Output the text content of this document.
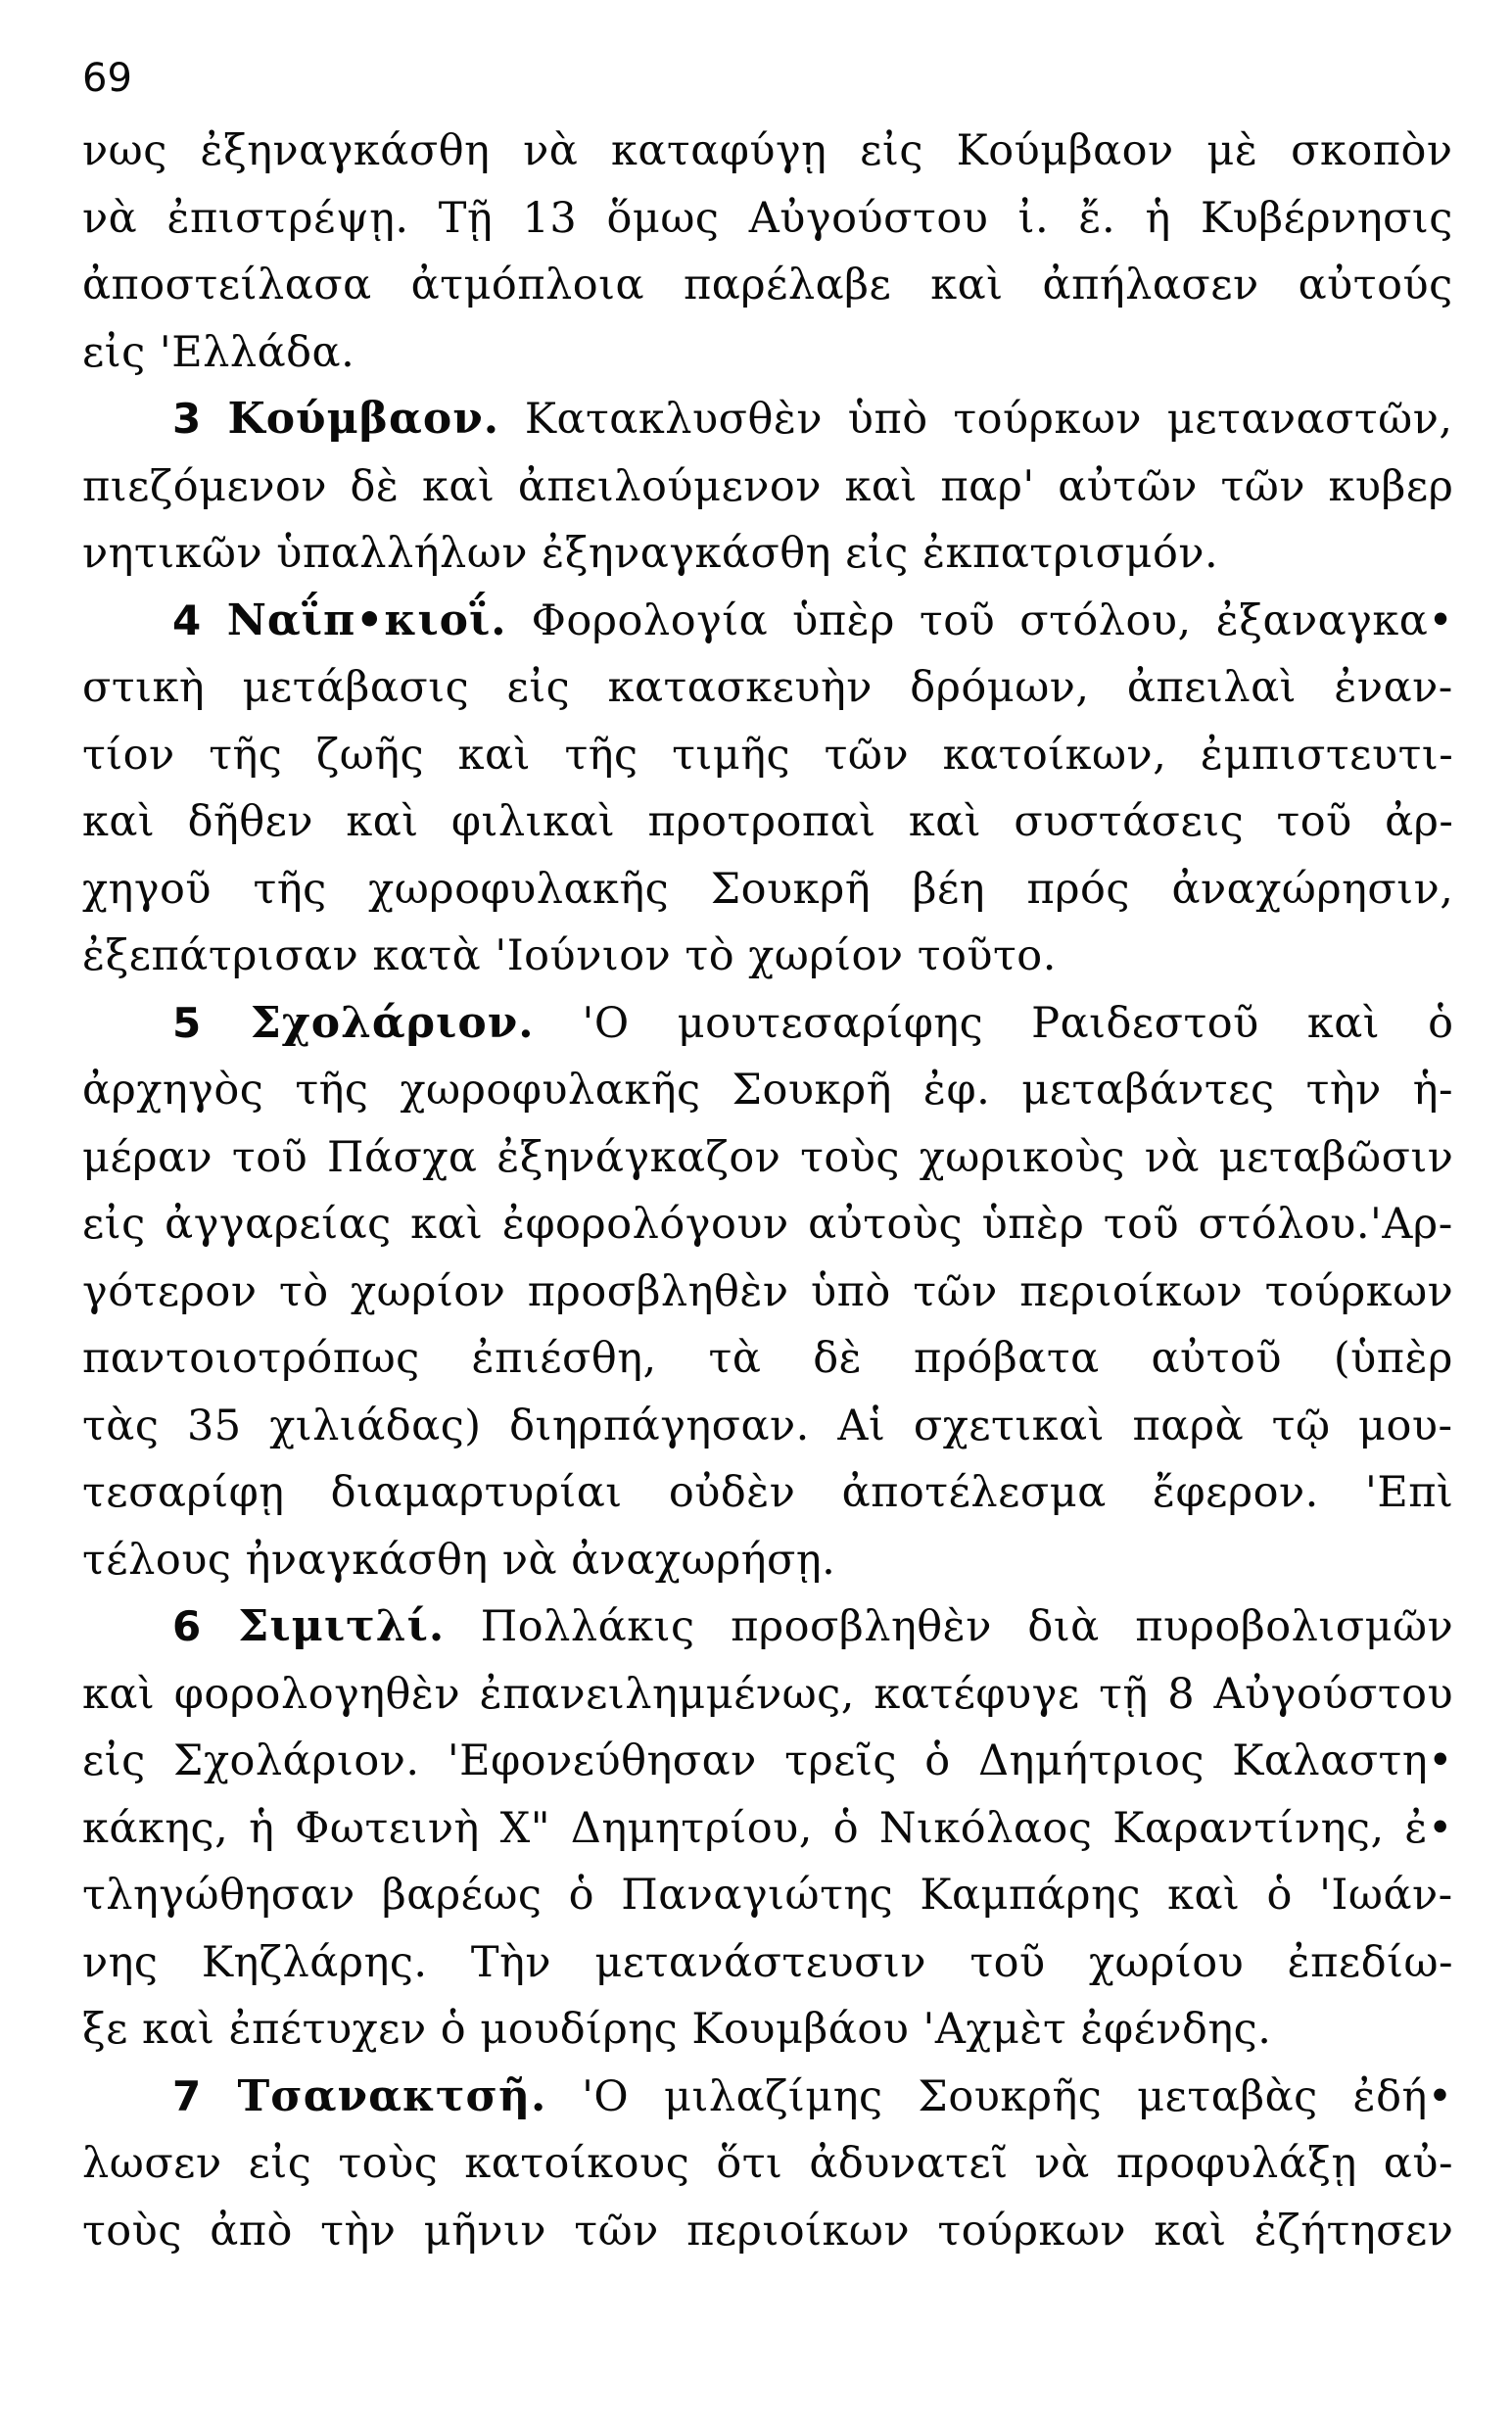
69
νως ἐξηναγκάσθη νὰ καταφύγῃ εἰς Κούμβαον μὲ σκοπὸν
νὰ ἐπιστρέψῃ. Τῇ 13 ὅμως Αὐγούστου ἰ. ἔ. ἡ Κυβέρνησις
ἀποστείλασα ἀτμόπλοια παρέλαβε καὶ ἀπήλασεν αὐτούς
εἰς 'Ελλάδα.
3 Κούμβαον. Κατακλυσθὲν ὑπὸ τούρκων μεταναστῶν,
πιεζόμενον δὲ καὶ ἀπειλούμενον καὶ παρ' αὐτῶν τῶν κυβερ
νητικῶν ὑπαλλήλων ἐξηναγκάσθη εἰς ἐκπατρισμόν.
4 Ναΐπ•κιοΐ. Φορολογία ὑπὲρ τοῦ στόλου, ἐξαναγκα•
στικὴ μετάβασις εἰς κατασκευὴν δρόμων, ἀπειλαὶ ἐναν-
τίον τῆς ζωῆς καὶ τῆς τιμῆς τῶν κατοίκων, ἐμπιστευτι-
καὶ δῆθεν καὶ φιλικαὶ προτροπαὶ καὶ συστάσεις τοῦ ἀρ-
χηγοῦ τῆς χωροφυλακῆς Σουκρῆ βέη πρός ἀναχώρησιν,
ἐξεπάτρισαν κατὰ 'Ιούνιον τὸ χωρίον τοῦτο.
5 Σχολάριον. 'Ο μουτεσαρίφης Ραιδεστοῦ καὶ ὁ
ἀρχηγὸς τῆς χωροφυλακῆς Σουκρῆ ἐφ. μεταβάντες τὴν ἡ-
μέραν τοῦ Πάσχα ἐξηνάγκαζον τοὺς χωρικοὺς νὰ μεταβῶσιν
εἰς ἀγγαρείας καὶ ἐφορολόγουν αὐτοὺς ὑπὲρ τοῦ στόλου.'Αρ-
γότερον τὸ χωρίον προσβληθὲν ὑπὸ τῶν περιοίκων τούρκων
παντοιοτρόπως ἐπιέσθη, τὰ δὲ πρόβατα αὐτοῦ (ὑπὲρ
τὰς 35 χιλιάδας) διηρπάγησαν. Αἱ σχετικαὶ παρὰ τῷ μου-
τεσαρίφῃ διαμαρτυρίαι οὐδὲν ἀποτέλεσμα ἔφερον. 'Επὶ
τέλους ἠναγκάσθη νὰ ἀναχωρήσῃ.
6 Σιμιτλί. Πολλάκις προσβληθὲν διὰ πυροβολισμῶν
καὶ φορολογηθὲν ἐπανειλημμένως, κατέφυγε τῇ 8 Αὐγούστου
εἰς Σχολάριον. 'Εφονεύθησαν τρεῖς ὁ Δημήτριος Καλαστη•
κάκης, ἡ Φωτεινὴ Χ" Δημητρίου, ὁ Νικόλαος Καραντίνης, ἐ•
τληγώθησαν βαρέως ὁ Παναγιώτης Καμπάρης καὶ ὁ 'Ιωάν-
νης Κηζλάρης. Τὴν μετανάστευσιν τοῦ χωρίου ἐπεδίω-
ξε καὶ ἐπέτυχεν ὁ μουδίρης Κουμβάου 'Αχμὲτ ἐφένδης.
7 Τσανακτσῆ. 'Ο μιλαζίμης Σουκρῆς μεταβὰς ἐδή•
λωσεν εἰς τοὺς κατοίκους ὅτι ἀδυνατεῖ νὰ προφυλάξῃ αὐ-
τοὺς ἀπὸ τὴν μῆνιν τῶν περιοίκων τούρκων καὶ ἐζήτησεν
